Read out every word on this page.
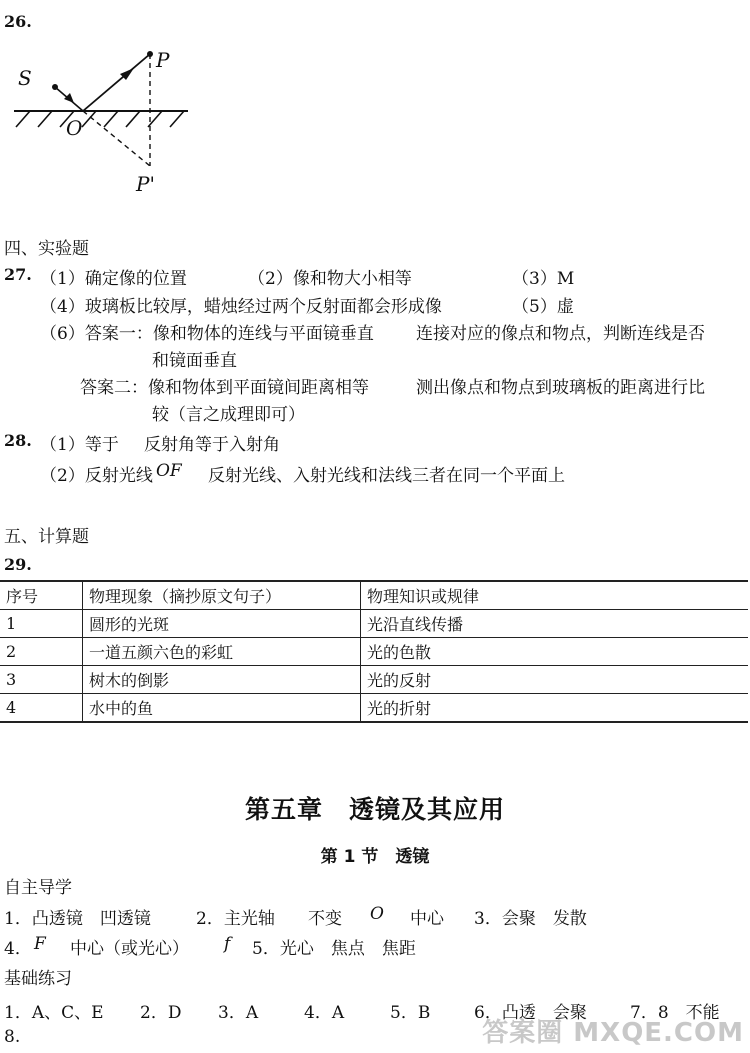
26.
S
O
P
P'
四、实验题
27. （1）确定像的位置	（2）像和物大小相等	（3）M
（4）玻璃板比较厚，蜡烛经过两个反射面都会形成像	（5）虚
（6）答案一：像和物体的连线与平面镜垂直 连接对应的像点和物点，判断连线是否
和镜面垂直
答案二：像和物体到平面镜间距离相等	测出像点和物点到玻璃板的距离进行比
较（言之成理即可）
28. （1）等于 反射角等于入射角
（2）反射光线 OF 反射光线、入射光线和法线三者在同一个平面上
五、计算题
29.
序号	物理现象（摘抄原文句子）	物理知识或规律
1	圆形的光斑	光沿直线传播
2	一道五颜六色的彩虹	光的色散
3	树木的倒影	光的反射
4	水中的鱼	光的折射
第五章　透镜及其应用
第 1 节　透镜
自主导学
1．凸透镜　凹透镜	2．主光轴 不变 O 中心 3．会聚　发散
4． F 中心（或光心） f 5．光心　焦点　焦距
基础练习
1．A、C、E 2．D 3．A	4．A	5．B	6．凸透　会聚	7．8　不能
8.	答案圈 MXQE.COM
